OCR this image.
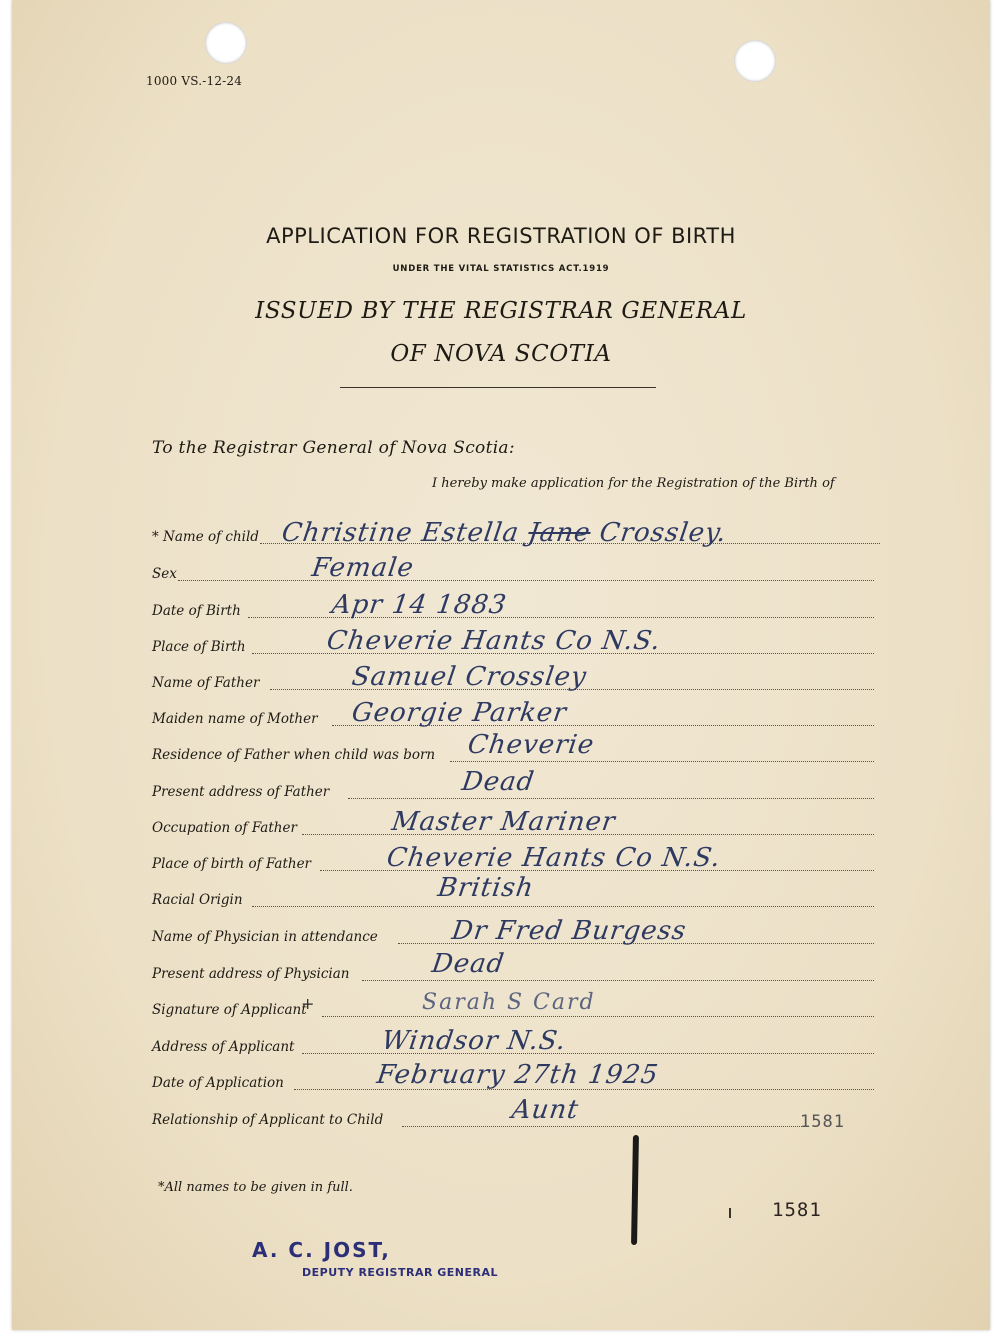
1000 VS.-12-24
APPLICATION FOR REGISTRATION OF BIRTH
UNDER THE VITAL STATISTICS ACT.1919
ISSUED BY THE REGISTRAR GENERAL
OF NOVA SCOTIA
To the Registrar General of Nova Scotia:
I hereby make application for the Registration of the Birth of
* Name of child Christine Estella Jane Crossley.
Sex	Female
Date of Birth	Apr 14 1883
Place of Birth	Cheverie Hants Co N.S.
Name of Father	Samuel Crossley
Maiden name of Mother Georgie Parker
Residence of Father when child was born Cheverie
Present address of Father	Dead
Occupation of Father	Master Mariner
Place of birth of Father	Cheverie Hants Co N.S.
Racial Origin	British
Name of Physician in attendance	Dr Fred Burgess
Present address of Physician	Dead
Signature of Applicant	Sarah S Card
Address of Applicant	Windsor N.S.
Date of Application	February 27th 1925
Relationship of Applicant to Child	Aunt
+
1581
*All names to be given in full.
1581
A. C. JOST,
DEPUTY REGISTRAR GENERAL
